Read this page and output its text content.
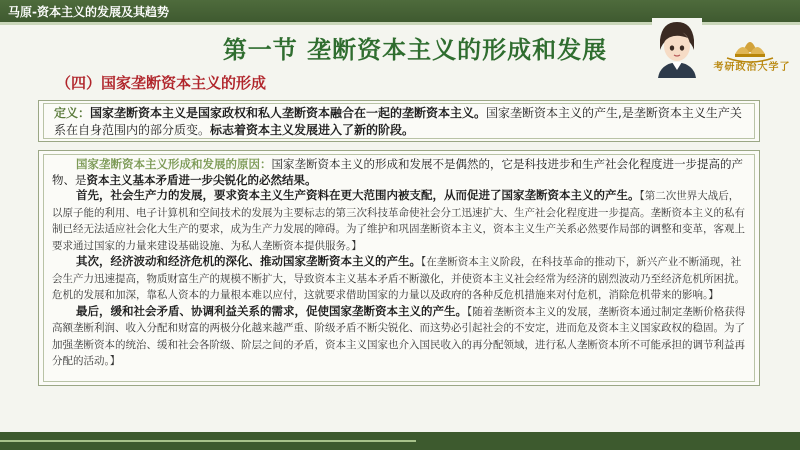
马原-资本主义的发展及其趋势
第一节 垄断资本主义的形成和发展
考研政治大学了
（四）国家垄断资本主义的形成
定义：国家垄断资本主义是国家政权和私人垄断资本融合在一起的垄断资本主义。国家垄断资本主义的产生,是垄断资本主义生产关系在自身范围内的部分质变。标志着资本主义发展进入了新的阶段。

国家垄断资本主义形成和发展的原因：国家垄断资本主义的形成和发展不是偶然的，它是科技进步和生产社会化程度进一步提高的产物、是资本主义基本矛盾进一步尖锐化的必然结果。

首先，社会生产力的发展，要求资本主义生产资料在更大范围内被支配，从而促进了国家垄断资本主义的产生。【第二次世界大战后，以原子能的利用、电子计算机和空间技术的发展为主要标志的第三次科技革命使社会分工迅速扩大、生产社会化程度进一步提高。垄断资本主义的私有制已经无法适应社会化大生产的要求，成为生产力发展的障碍。为了维护和巩固垄断资本主义，资本主义生产关系必然要作局部的调整和变革，客观上要求通过国家的力量来建设基础设施、为私人垄断资本提供服务。】

其次，经济波动和经济危机的深化、推动国家垄断资本主义的产生。【在垄断资本主义阶段，在科技革命的推动下，新兴产业不断涌现，社会生产力迅速提高，物质财富生产的规模不断扩大，导致资本主义基本矛盾不断激化，并使资本主义社会经常为经济的剧烈波动乃至经济危机所困扰。危机的发展和加深，靠私人资本的力量根本难以应付，这就要求借助国家的力量以及政府的各种反危机措施来对付危机，消除危机带来的影响。】

最后，缓和社会矛盾、协调利益关系的需求，促使国家垄断资本主义的产生。【随着垄断资本主义的发展，垄断资本通过制定垄断价格获得高额垄断利润、收入分配和财富的两极分化越来越严重、阶级矛盾不断尖锐化、而这势必引起社会的不安定，进而危及资本主义国家政权的稳固。为了加强垄断资本的统治、缓和社会各阶级、阶层之间的矛盾，资本主义国家也介入国民收入的再分配领域，进行私人垄断资本所不可能承担的调节利益再分配的活动。】
